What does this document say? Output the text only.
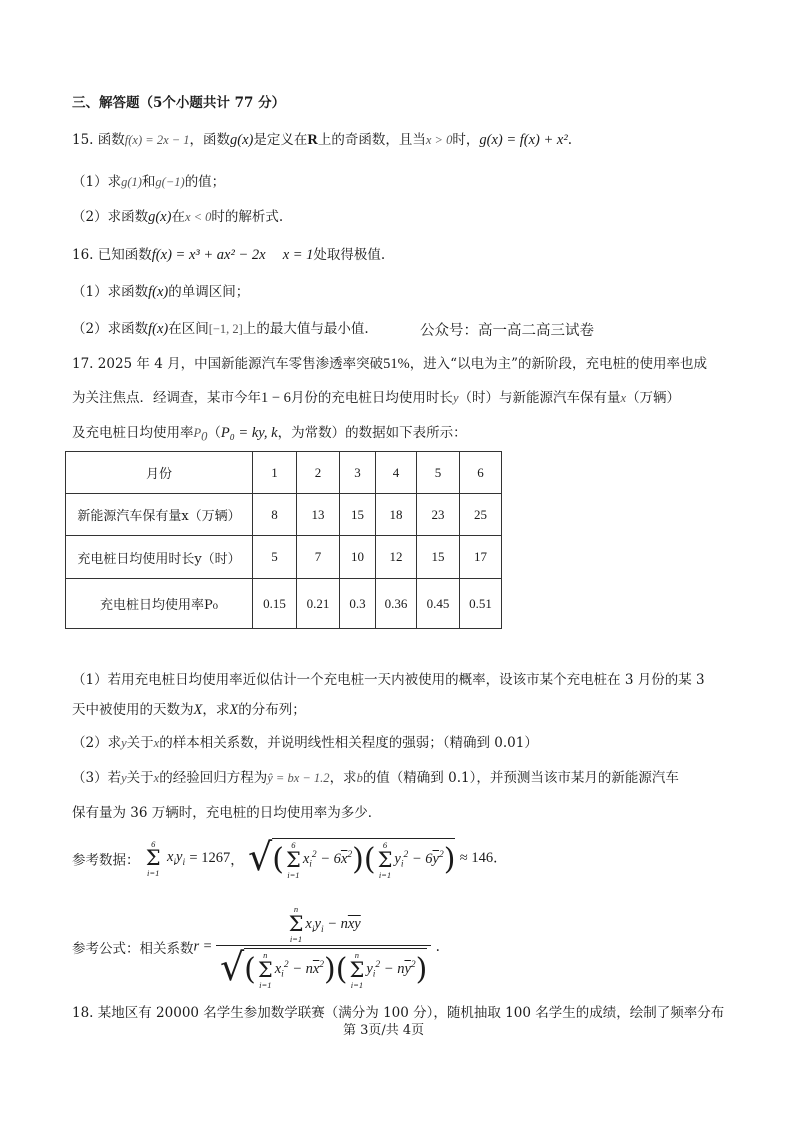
三、解答题（5个小题共计 77 分）
15. 函数f(x) = 2x − 1，函数g(x)是定义在R上的奇函数，且当x > 0时，g(x) = f(x) + x².
（1）求g(1)和g(−1)的值；
（2）求函数g(x)在x < 0时的解析式.
16. 已知函数f(x) = x³ + ax² − 2x x = 1处取得极值.
（1）求函数f(x)的单调区间；
（2）求函数f(x)在区间[−1, 2]上的最大值与最小值.	公众号：高一高二高三试卷
17. 2025 年 4 月，中国新能源汽车零售渗透率突破51%，进入“以电为主”的新阶段，充电桩的使用率也成
为关注焦点．经调查，某市今年1 − 6月份的充电桩日均使用时长y（时）与新能源汽车保有量x（万辆）
及充电桩日均使用率$P_0(P_0$ = ky, k，为常数）的数据如下表所示：
月份	1	2	3	4	5	6
新能源汽车保有量x（万辆）	8	13	15	18	23	25
充电桩日均使用时长y（时）	5	7	10	12	15	17
充电桩日均使用率P₀	0.15	0.21	0.3	0.36	0.45	0.51
（1）若用充电桩日均使用率近似估计一个充电桩一天内被使用的概率，设该市某个充电桩在 3 月份的某 3
天中被使用的天数为X，求X的分布列；
（2）求y关于x的样本相关系数，并说明线性相关程度的强弱；（精确到 0.01）
（3）若y关于x的经验回归方程为ŷ = bx − 1.2，求b的值（精确到 0.1），并预测当该市某月的新能源汽车
保有量为 36 万辆时，充电桩的日均使用率为多少．
参考数据：
6
Σ
i=1
$x_iy_i = 1267$， √ ( 6
Σ
i=1
$x_i^2 - 6\overline{x}^2$ ) ( 6
Σ
i=1
$y_i^2 - 6\overline{y}^2$ ) ≈ 146.
参考公式：相关系数r =
n
Σ
i=1
$x_iy_i - n\overline{xy}$
√ ( n
Σ
i=1
$x_i^2 - n\overline{x}^2$ ) ( n
Σ
i=1
$y_i^2 - n\overline{y}^2$ )
.
18. 某地区有 20000 名学生参加数学联赛（满分为 100 分），随机抽取 100 名学生的成绩，绘制了频率分布
第 3页/共 4页
